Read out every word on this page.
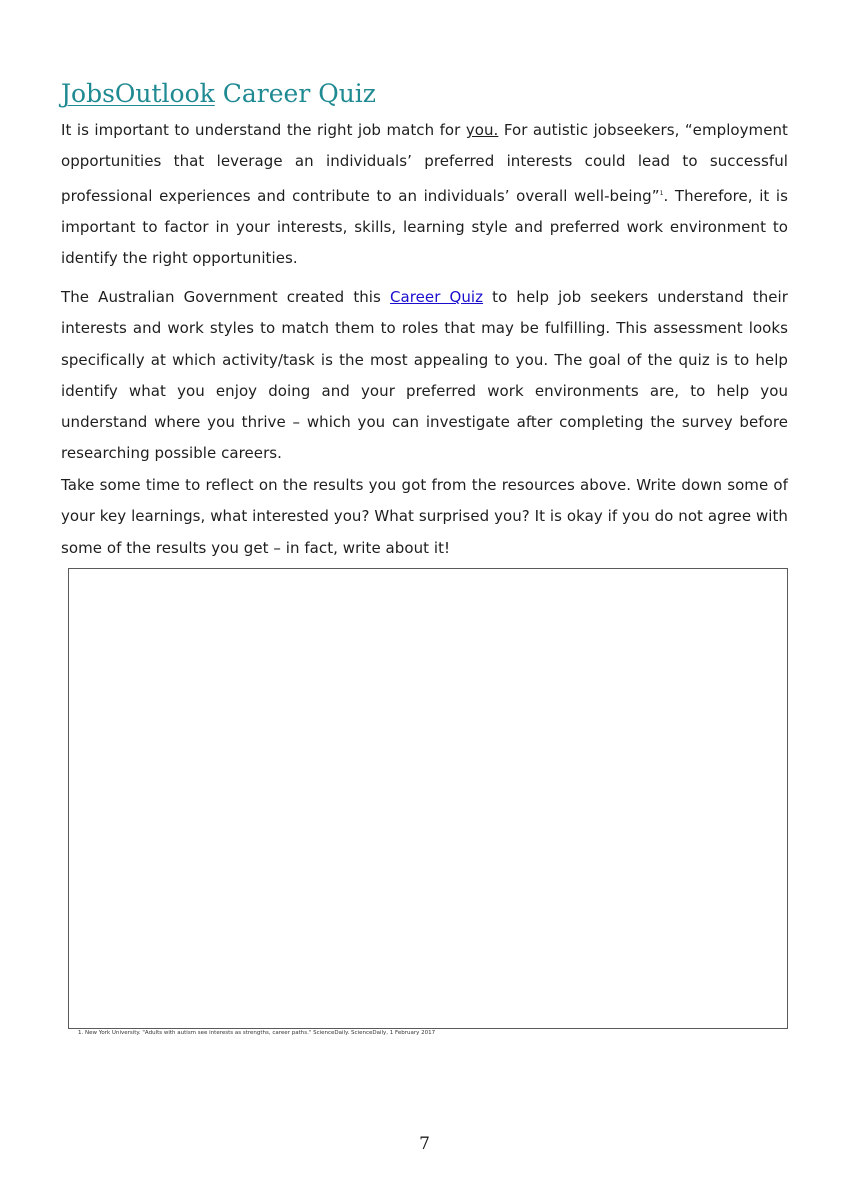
JobsOutlook Career Quiz

It is important to understand the right job match for you. For autistic jobseekers, “employment opportunities that leverage an individuals’ preferred interests could lead to successful professional experiences and contribute to an individuals’ overall well-being”$^1$. Therefore, it is important to factor in your interests, skills, learning style and preferred work environment to identify the right opportunities.

The Australian Government created this Career Quiz to help job seekers understand their interests and work styles to match them to roles that may be fulfilling. This assessment looks specifically at which activity/task is the most appealing to you. The goal of the quiz is to help identify what you enjoy doing and your preferred work environments are, to help you understand where you thrive – which you can investigate after completing the survey before researching possible careers.

Take some time to reflect on the results you got from the resources above. Write down some of your key learnings, what interested you? What surprised you? It is okay if you do not agree with some of the results you get – in fact, write about it!

1. New York University. "Adults with autism see interests as strengths, career paths." ScienceDaily. ScienceDaily, 1 February 2017
7
